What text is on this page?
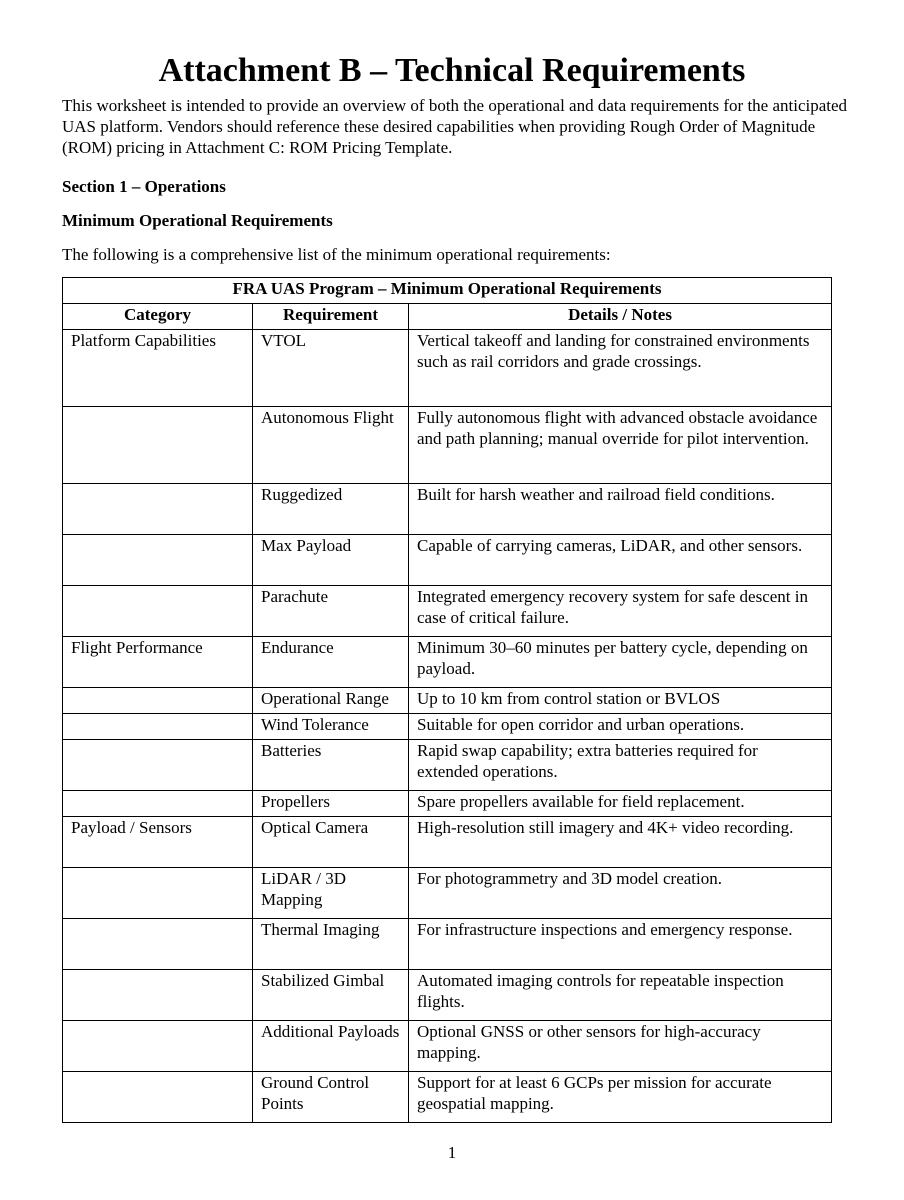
Attachment B – Technical Requirements

This worksheet is intended to provide an overview of both the operational and data requirements for the anticipated UAS platform. Vendors should reference these desired capabilities when providing Rough Order of Magnitude (ROM) pricing in Attachment C: ROM Pricing Template.

Section 1 – Operations

Minimum Operational Requirements

The following is a comprehensive list of the minimum operational requirements:

FRA UAS Program – Minimum Operational Requirements		
Category	Requirement	Details / Notes
Platform Capabilities	VTOL	Vertical takeoff and landing for constrained environments such as rail corridors and grade crossings.
	Autonomous Flight	Fully autonomous flight with advanced obstacle avoidance and path planning; manual override for pilot intervention.
	Ruggedized	Built for harsh weather and railroad field conditions.
	Max Payload	Capable of carrying cameras, LiDAR, and other sensors.
	Parachute	Integrated emergency recovery system for safe descent in case of critical failure.
Flight Performance	Endurance	Minimum 30–60 minutes per battery cycle, depending on payload.
	Operational Range	Up to 10 km from control station or BVLOS
	Wind Tolerance	Suitable for open corridor and urban operations.
	Batteries	Rapid swap capability; extra batteries required for extended operations.
	Propellers	Spare propellers available for field replacement.
Payload / Sensors	Optical Camera	High-resolution still imagery and 4K+ video recording.
	LiDAR / 3D Mapping	For photogrammetry and 3D model creation.
	Thermal Imaging	For infrastructure inspections and emergency response.
	Stabilized Gimbal	Automated imaging controls for repeatable inspection flights.
	Additional Payloads	Optional GNSS or other sensors for high-accuracy mapping.
	Ground Control Points	Support for at least 6 GCPs per mission for accurate geospatial mapping.

1
